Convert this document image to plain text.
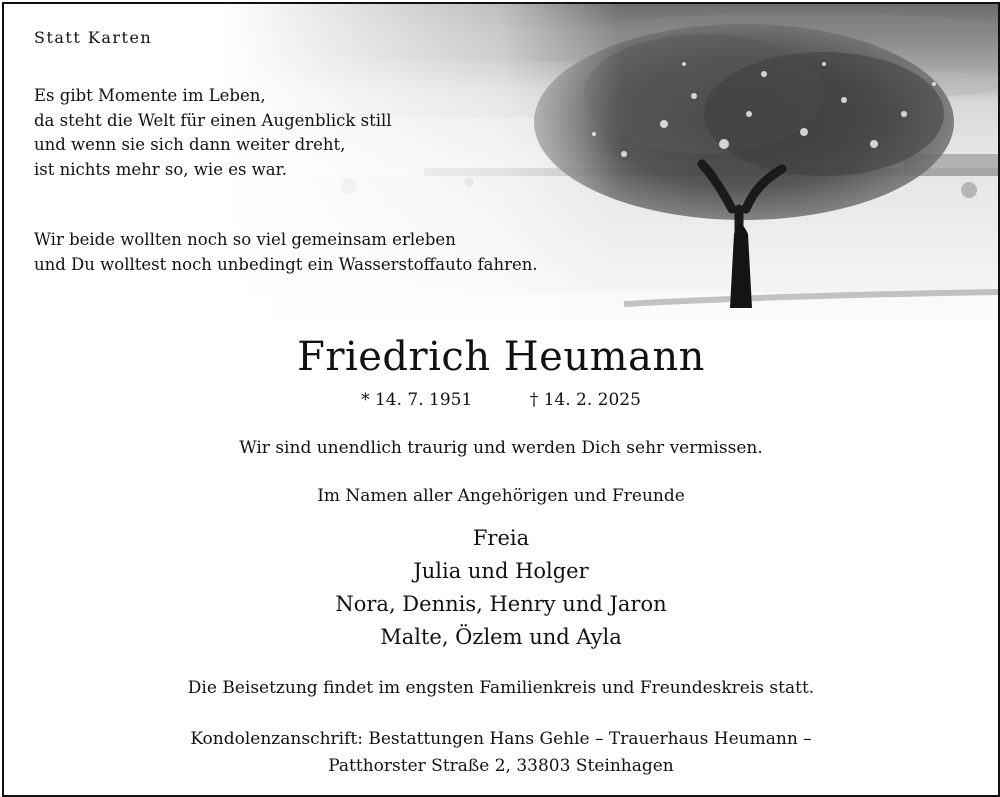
Statt Karten
Es gibt Momente im Leben,
da steht die Welt für einen Augenblick still
und wenn sie sich dann weiter dreht,
ist nichts mehr so, wie es war.
Wir beide wollten noch so viel gemeinsam erleben
und Du wolltest noch unbedingt ein Wasserstoffauto fahren.
Friedrich Heumann
* 14. 7. 1951	† 14. 2. 2025
Wir sind unendlich traurig und werden Dich sehr vermissen.
Im Namen aller Angehörigen und Freunde
Freia
Julia und Holger
Nora, Dennis, Henry und Jaron
Malte, Özlem und Ayla
Die Beisetzung findet im engsten Familienkreis und Freundeskreis statt.
Kondolenzanschrift: Bestattungen Hans Gehle – Trauerhaus Heumann –
Patthorster Straße 2, 33803 Steinhagen
